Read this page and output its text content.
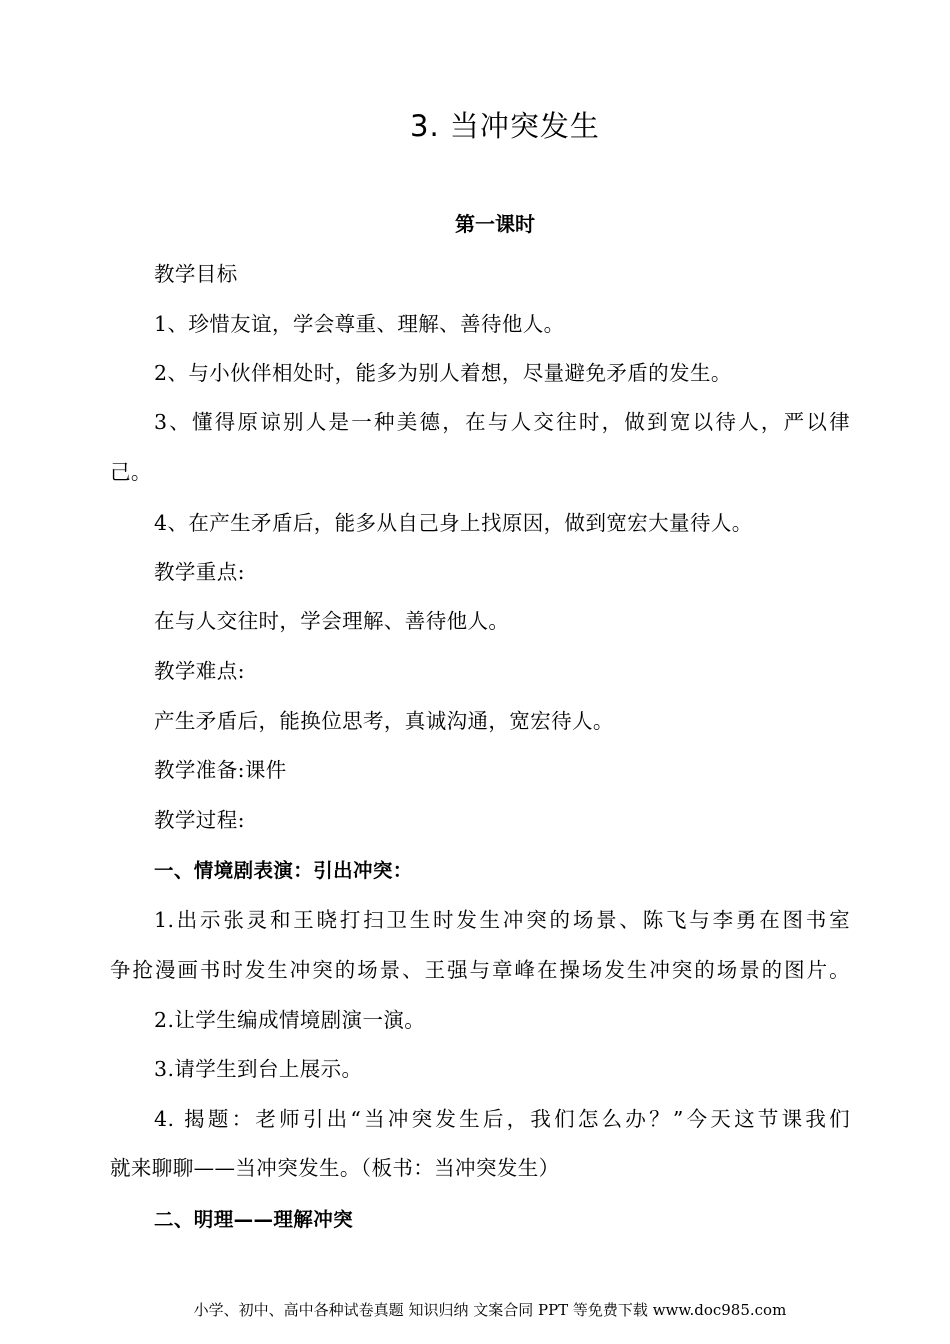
3. 当冲突发生
第一课时
教学目标
1、珍惜友谊，学会尊重、理解、善待他人。
2、与小伙伴相处时，能多为别人着想，尽量避免矛盾的发生。
3、懂得原谅别人是一种美德，在与人交往时，做到宽以待人，严以律
己。
4、在产生矛盾后，能多从自己身上找原因，做到宽宏大量待人。
教学重点:
在与人交往时，学会理解、善待他人。
教学难点:
产生矛盾后，能换位思考，真诚沟通，宽宏待人。
教学准备:课件
教学过程:
一、情境剧表演：引出冲突：
1.出示张灵和王晓打扫卫生时发生冲突的场景、陈飞与李勇在图书室
争抢漫画书时发生冲突的场景、王强与章峰在操场发生冲突的场景的图片。
2.让学生编成情境剧演一演。
3.请学生到台上展示。
4. 揭题：老师引出“当冲突发生后，我们怎么办？”今天这节课我们
就来聊聊——当冲突发生。（板书：当冲突发生）
二、明理——理解冲突
小学、初中、高中各种试卷真题 知识归纳 文案合同 PPT 等免费下载 www.doc985.com
